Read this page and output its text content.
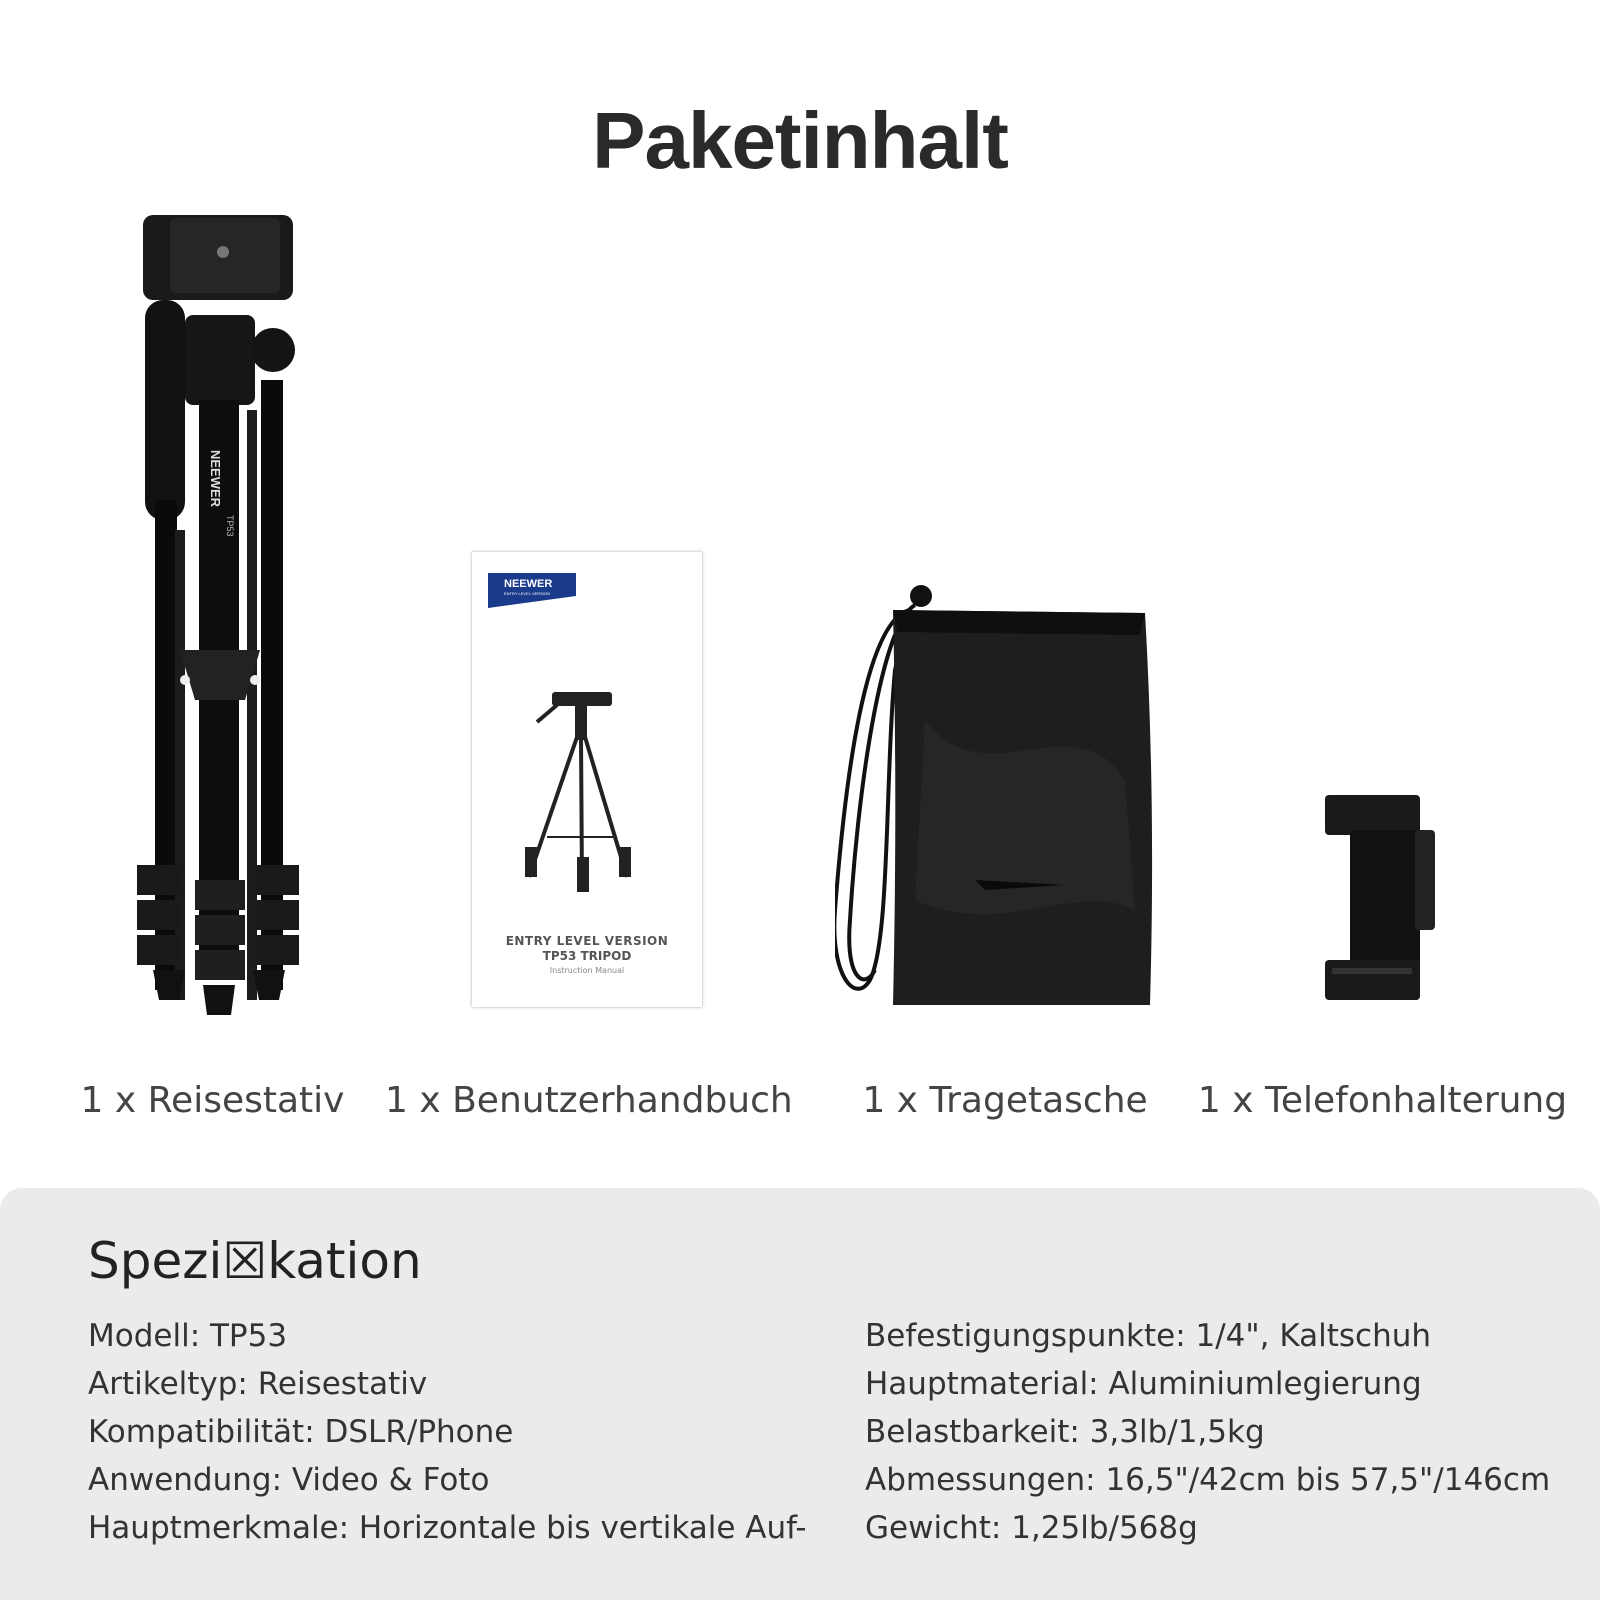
Paketinhalt
NEEWER
TP53
NEEWER
ENTRY LEVEL VERSION
ENTRY LEVEL VERSION
TP53 TRIPOD
Instruction Manual
1 x Reisestativ	1 x Benutzerhandbuch	1 x Tragetasche	1 x Telefonhalterung
Spezi☒kation
Modell: TP53
Artikeltyp: Reisestativ
Kompatibilität: DSLR/Phone
Anwendung: Video & Foto
Hauptmerkmale: Horizontale bis vertikale Auf-
Befestigungspunkte: 1/4", Kaltschuh
Hauptmaterial: Aluminiumlegierung
Belastbarkeit: 3,3lb/1,5kg
Abmessungen: 16,5"/42cm bis 57,5"/146cm
Gewicht: 1,25lb/568g
